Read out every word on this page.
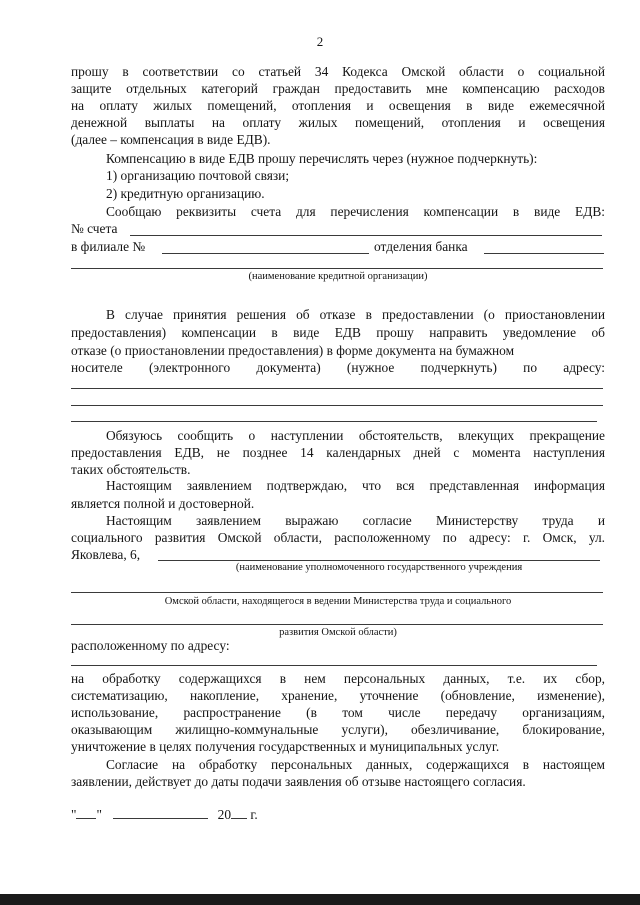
2
прошу в соответствии со статьей 34 Кодекса Омской области о социальной
защите отдельных категорий граждан предоставить мне компенсацию расходов
на оплату жилых помещений, отопления и освещения в виде ежемесячной
денежной выплаты на оплату жилых помещений, отопления и освещения
(далее – компенсация в виде ЕДВ).
Компенсацию в виде ЕДВ прошу перечислять через (нужное подчеркнуть):
1) организацию почтовой связи;
2) кредитную организацию.
Сообщаю реквизиты счета для перечисления компенсации в виде ЕДВ:
№ счета
в филиале №	отделения банка
(наименование кредитной организации)
В случае принятия решения об отказе в предоставлении (о приостановлении
предоставления) компенсации в виде ЕДВ прошу направить уведомление об
отказе (о приостановлении предоставления) в форме документа на бумажном
носителе (электронного документа) (нужное подчеркнуть) по адресу:
Обязуюсь сообщить о наступлении обстоятельств, влекущих прекращение
предоставления ЕДВ, не позднее 14 календарных дней с момента наступления
таких обстоятельств.
Настоящим заявлением подтверждаю, что вся представленная информация
является полной и достоверной.
Настоящим заявлением выражаю согласие Министерству труда и
социального развития Омской области, расположенному по адресу: г. Омск, ул.
Яковлева, 6,
(наименование уполномоченного государственного учреждения
Омской области, находящегося в ведении Министерства труда и социального
развития Омской области)
расположенному по адресу:
на обработку содержащихся в нем персональных данных, т.е. их сбор,
систематизацию, накопление, хранение, уточнение (обновление, изменение),
использование, распространение (в том числе передачу организациям,
оказывающим жилищно-коммунальные услуги), обезличивание, блокирование,
уничтожение в целях получения государственных и муниципальных услуг.
Согласие на обработку персональных данных, содержащихся в настоящем
заявлении, действует до даты подачи заявления об отзыве настоящего согласия.
" "	20 г.
